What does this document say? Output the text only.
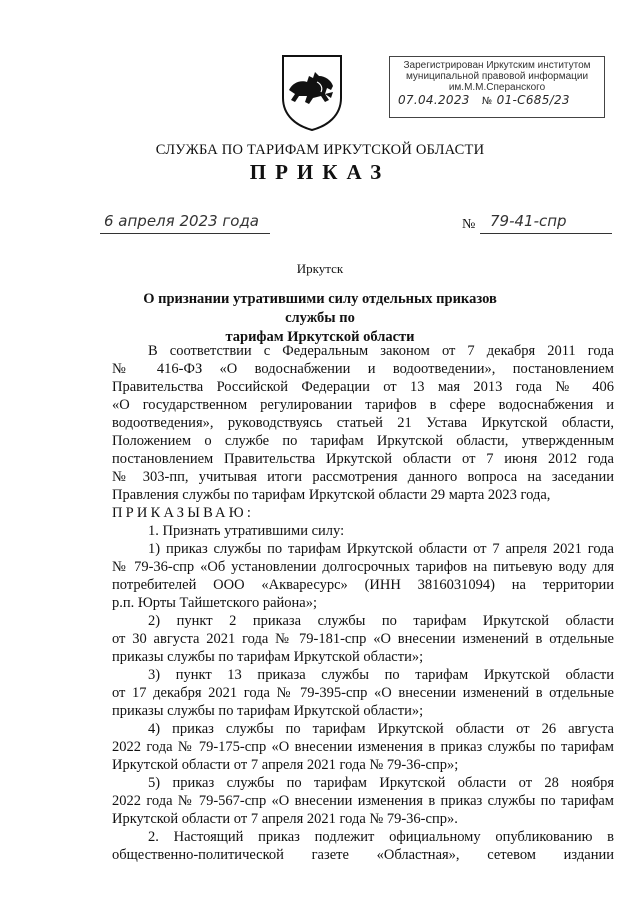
Зарегистрирован Иркутским институтом
муниципальной правовой информации
им.М.М.Сперанского
07.04.2023 № 01-С685/23
СЛУЖБА ПО ТАРИФАМ ИРКУТСКОЙ ОБЛАСТИ
ПРИКАЗ
6 апреля 2023 года	№ 79-41-спр
Иркутск
О признании утратившими силу отдельных приказов службы по
тарифам Иркутской области

В соответствии с Федеральным законом от 7 декабря 2011 года

№ 416-ФЗ «О водоснабжении и водоотведении», постановлением

Правительства Российской Федерации от 13 мая 2013 года № 406

«О государственном регулировании тарифов в сфере водоснабжения и

водоотведения», руководствуясь статьей 21 Устава Иркутской области,

Положением о службе по тарифам Иркутской области, утвержденным

постановлением Правительства Иркутской области от 7 июня 2012 года

№ 303-пп, учитывая итоги рассмотрения данного вопроса на заседании

Правления службы по тарифам Иркутской области 29 марта 2023 года,

ПРИКАЗЫВАЮ:

1. Признать утратившими силу:

1) приказ службы по тарифам Иркутской области от 7 апреля 2021 года

№ 79-36-спр «Об установлении долгосрочных тарифов на питьевую воду для

потребителей ООО «Акваресурс» (ИНН 3816031094) на территории

р.п. Юрты Тайшетского района»;

2) пункт 2 приказа службы по тарифам Иркутской области

от 30 августа 2021 года № 79-181-спр «О внесении изменений в отдельные

приказы службы по тарифам Иркутской области»;

3) пункт 13 приказа службы по тарифам Иркутской области

от 17 декабря 2021 года № 79-395-спр «О внесении изменений в отдельные

приказы службы по тарифам Иркутской области»;

4) приказ службы по тарифам Иркутской области от 26 августа

2022 года № 79-175-спр «О внесении изменения в приказ службы по тарифам

Иркутской области от 7 апреля 2021 года № 79-36-спр»;

5) приказ службы по тарифам Иркутской области от 28 ноября

2022 года № 79-567-спр «О внесении изменения в приказ службы по тарифам

Иркутской области от 7 апреля 2021 года № 79-36-спр».

2. Настоящий приказ подлежит официальному опубликованию в

общественно-политической газете «Областная», сетевом издании
